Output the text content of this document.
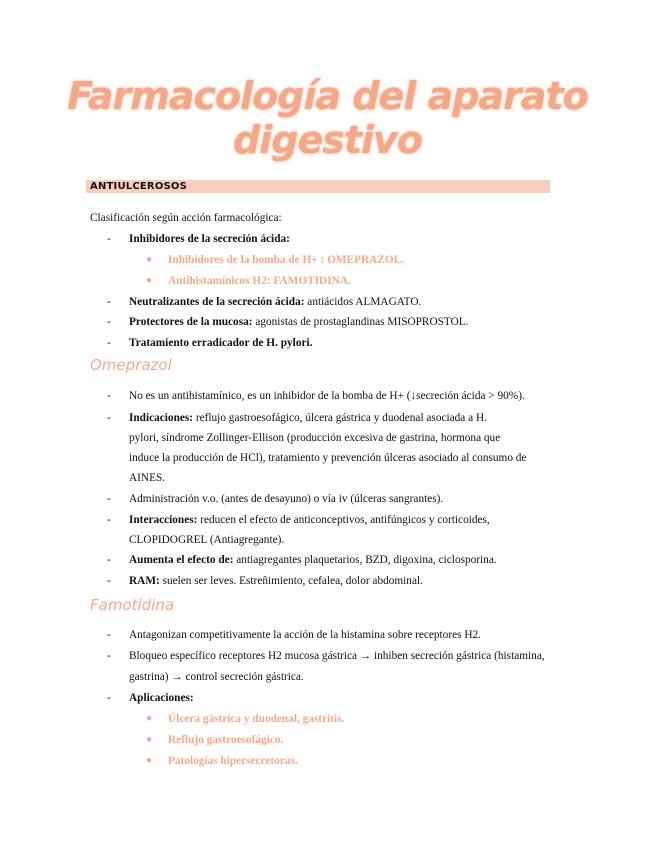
Farmacología del aparato
digestivo
ANTIULCEROSOS
Clasificación según acción farmacológica:
- Inhibidores de la secreción ácida:
● Inhibidores de la bomba de H+ : OMEPRAZOL.
● Antihistamínicos H2: FAMOTIDINA.
- Neutralizantes de la secreción ácida: antiácidos ALMAGATO.
- Protectores de la mucosa: agonistas de prostaglandinas MISOPROSTOL.
- Tratamiento erradicador de H. pylori.
Omeprazol
- No es un antihistamínico, es un inhibidor de la bomba de H+ (↓secreción ácida > 90%).
- Indicaciones: reflujo gastroesofágico, úlcera gástrica y duodenal asociada a H.
pylori, síndrome Zollinger-Ellison (producción excesiva de gastrina, hormona que
induce la producción de HCl), tratamiento y prevención úlceras asociado al consumo de
AINES.
- Administración v.o. (antes de desayuno) o vía iv (úlceras sangrantes).
- Interacciones: reducen el efecto de anticonceptivos, antifúngicos y corticoides,
CLOPIDOGREL (Antiagregante).
- Aumenta el efecto de: antiagregantes plaquetarios, BZD, digoxina, ciclosporina.
- RAM: suelen ser leves. Estreñimiento, cefalea, dolor abdominal.
Famotidina
- Antagonizan competitivamente la acción de la histamina sobre receptores H2.
- Bloqueo específico receptores H2 mucosa gástrica → inhiben secreción gástrica (histamina,
gastrina) → control secreción gástrica.
- Aplicaciones:
● Úlcera gástrica y duodenal, gastritis.
● Reflujo gastroesofágico.
● Patologías hipersecretoras.
